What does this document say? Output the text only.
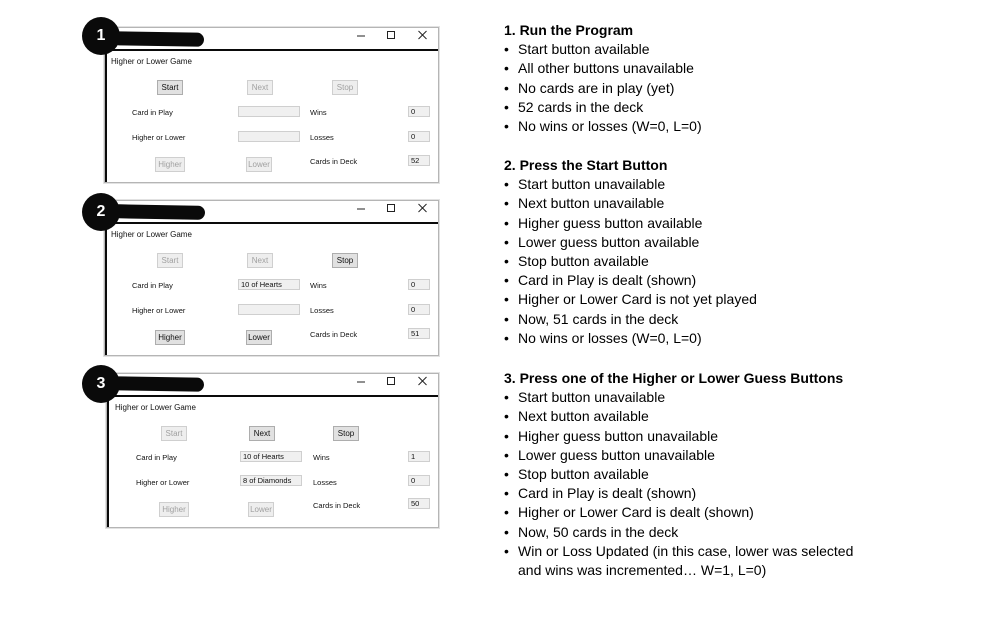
1
Higher or Lower Game
Start	Next	Stop
Card in Play	Wins	0
Higher or Lower	Losses	0
Higher	Lower	Cards in Deck	52
2
Higher or Lower Game
Start	Next	Stop
Card in Play	10 of Hearts	Wins	0
Higher or Lower	Losses	0
Higher	Lower	Cards in Deck	51
3
Higher or Lower Game
Start	Next	Stop
Card in Play	10 of Hearts	Wins	1
Higher or Lower	8 of Diamonds	Losses	0
Higher	Lower	Cards in Deck	50
1. Run the Program
• Start button available
• All other buttons unavailable
• No cards are in play (yet)
• 52 cards in the deck
• No wins or losses (W=0, L=0)
2. Press the Start Button
• Start button unavailable
• Next button unavailable
• Higher guess button available
• Lower guess button available
• Stop button available
• Card in Play is dealt (shown)
• Higher or Lower Card is not yet played
• Now, 51 cards in the deck
• No wins or losses (W=0, L=0)
3. Press one of the Higher or Lower Guess Buttons
• Start button unavailable
• Next button available
• Higher guess button unavailable
• Lower guess button unavailable
• Stop button available
• Card in Play is dealt (shown)
• Higher or Lower Card is dealt (shown)
• Now, 50 cards in the deck
• Win or Loss Updated (in this case, lower was selected and wins was incremented… W=1, L=0)
